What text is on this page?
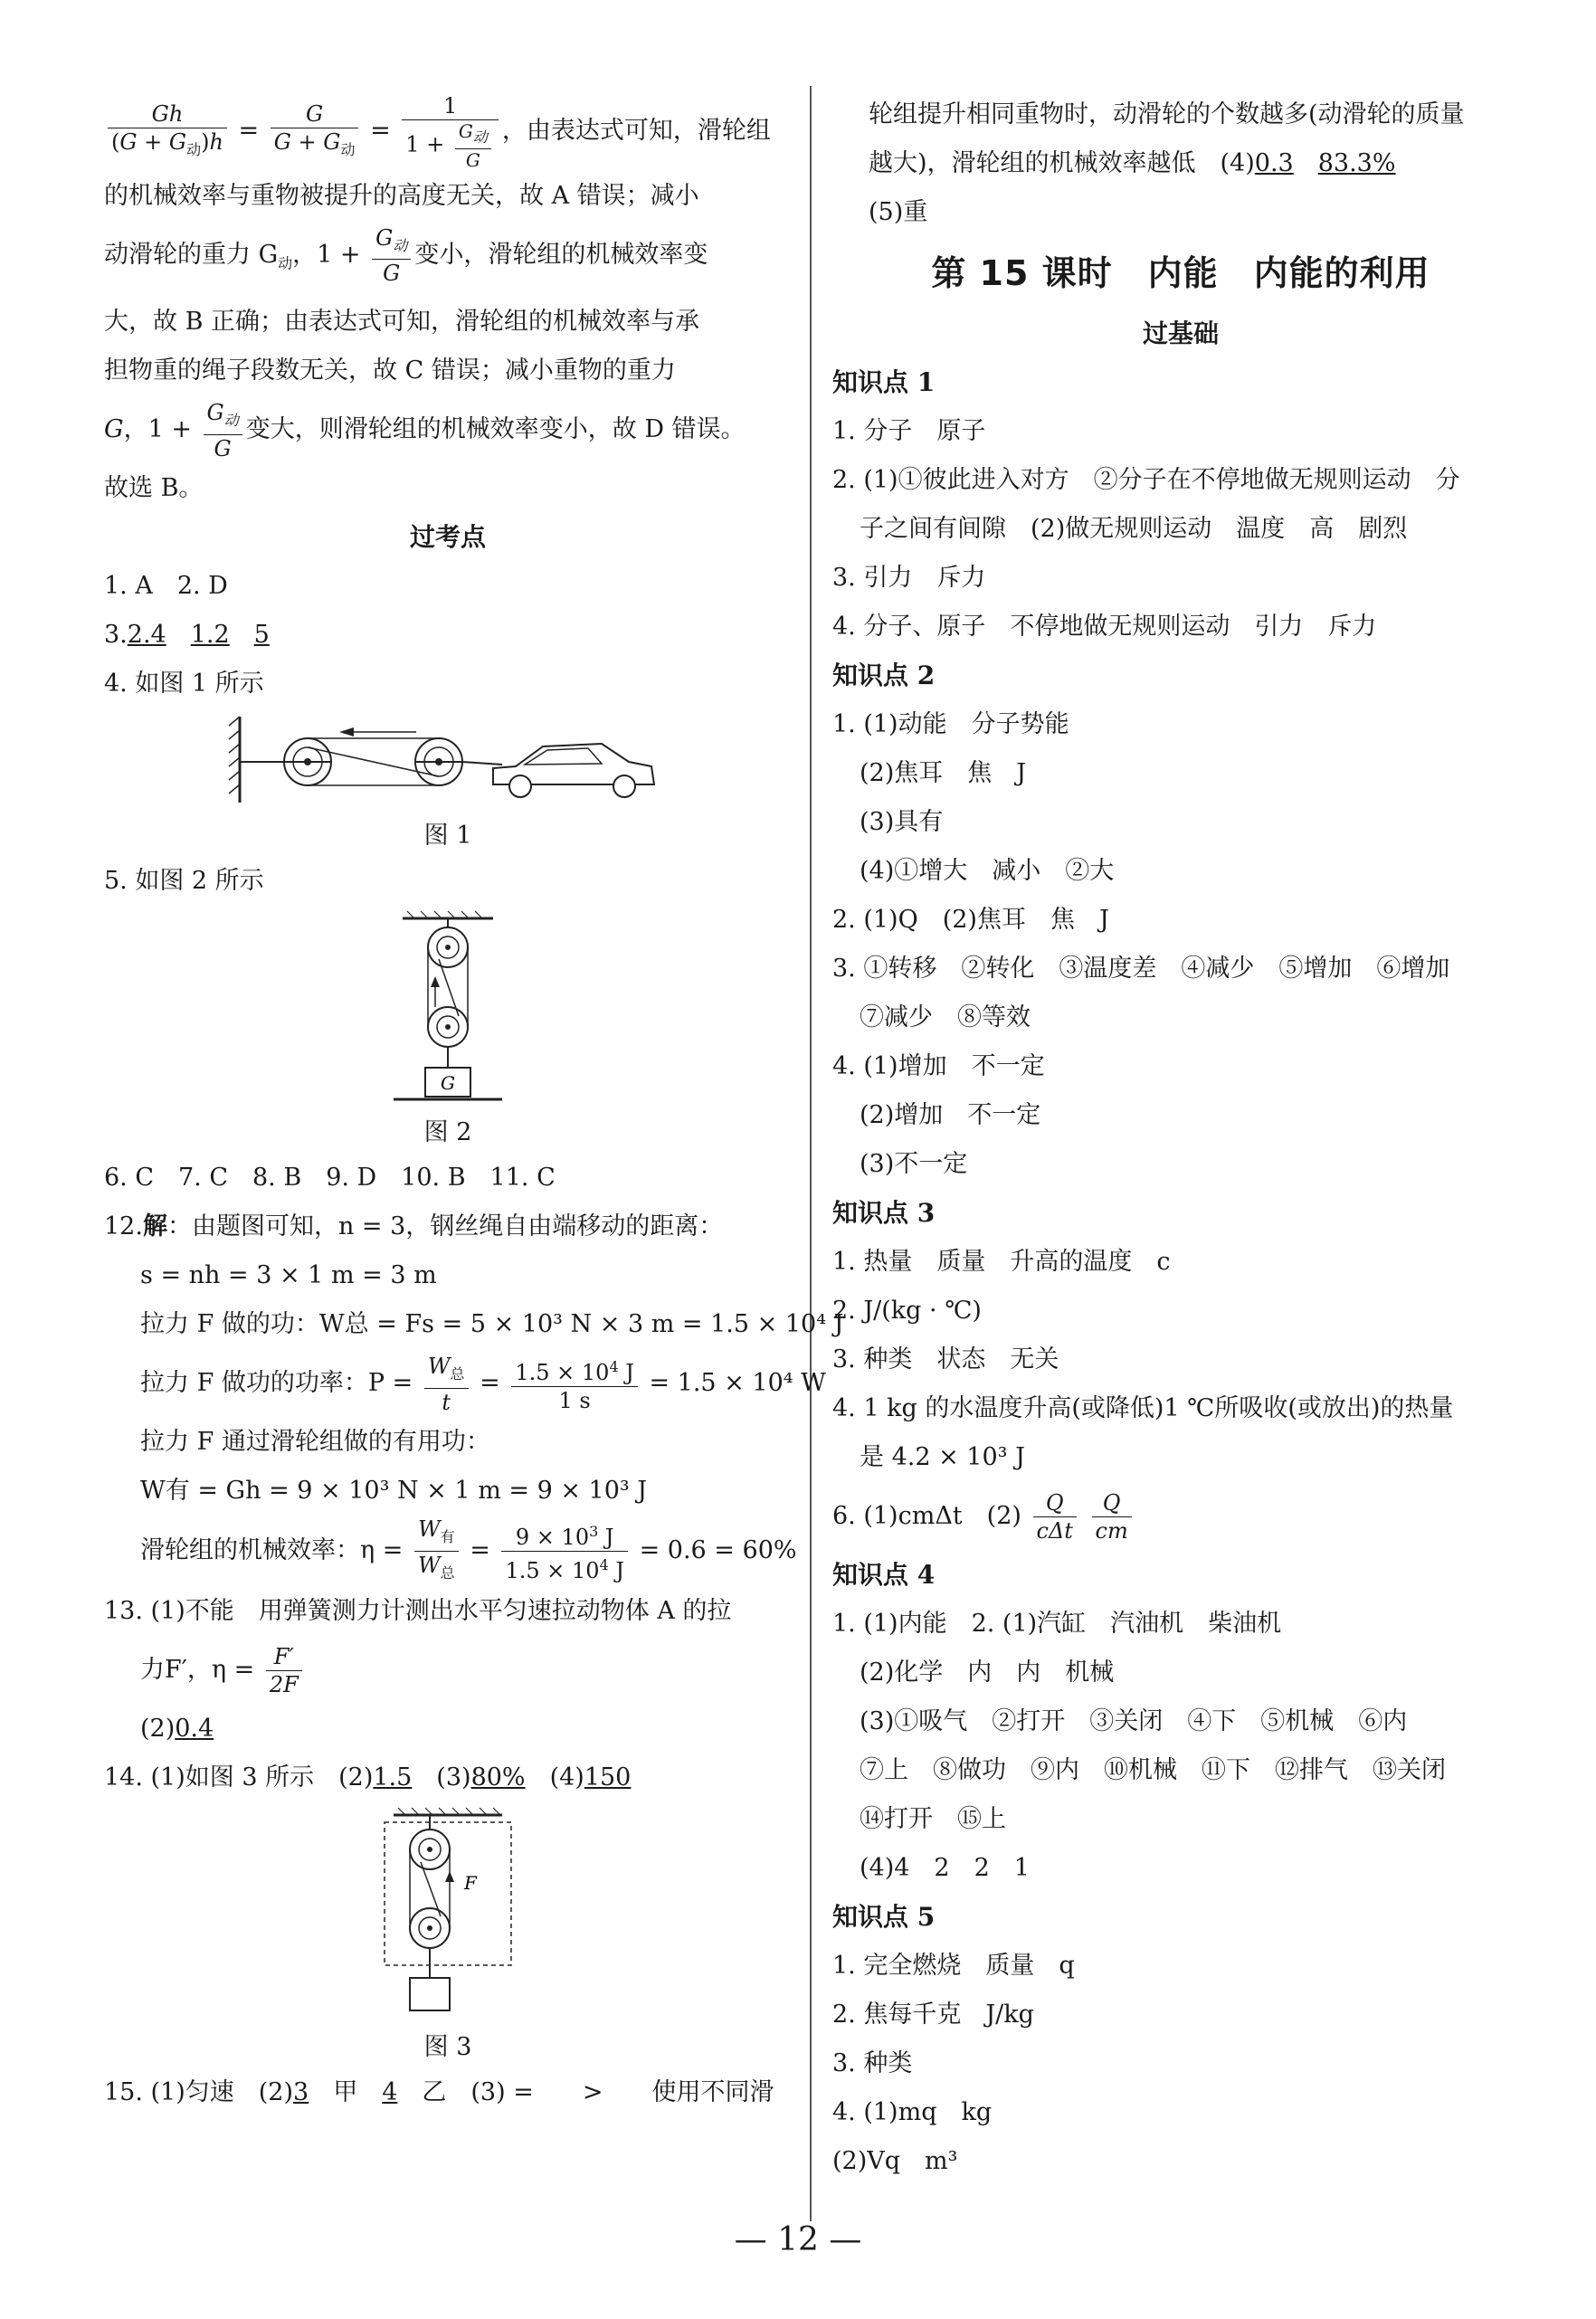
Gh
$(G + G_动)h$ =
G
$G + G_动$
=
1
1 +
$G_动$
G
，由表达式可知，滑轮组
的机械效率与重物被提升的高度无关，故 A 错误；减小
动滑轮的重力 $G_动$，1 +
$G_动$
G
变小，滑轮组的机械效率变
大，故 B 正确；由表达式可知，滑轮组的机械效率与承
担物重的绳子段数无关，故 C 错误；减小重物的重力
G，1 +
$G_动$
G
变大，则滑轮组的机械效率变小，故 D 错误。
故选 B。
过考点
1. A　2. D
3.2.4　 1.2　 5
4. 如图 1 所示
图 1
5. 如图 2 所示
G
图 2
6. C　7. C　8. B　9. D　10. B　11. C
12.解：由题图可知，n = 3，钢丝绳自由端移动的距离：
s = nh = 3 × 1 m = 3 m
拉力 F 做的功：W总 = Fs = 5 × 10³ N × 3 m = 1.5 × 10⁴ J
拉力 F 做功的功率：P =
$W_总$
t
= $\frac{1.5 \times 10^4 J}{1 s} = 1.5 \times 10^4$ W
拉力 F 通过滑轮组做的有用功：
W有 = Gh = 9 × 10³ N × 1 m = 9 × 10³ J
滑轮组的机械效率：η =
$W_有$
$W_总$
= $\frac{9 \times 10^3 J}{1.5 \times 10^4 J} = 0.6 = 60\%$
13. (1)不能　用弹簧测力计测出水平匀速拉动物体 A 的拉
力F′，$\eta = \frac{F'}{2F}$
(2)0.4
14. (1)如图 3 所示　(2)1.5　(3)80%　(4)150
F
图 3
15. (1)匀速　(2)3　甲　4　乙　(3) =　　>　　使用不同滑
轮组提升相同重物时，动滑轮的个数越多(动滑轮的质量
越大)，滑轮组的机械效率越低　(4)0.3　 83.3%
(5)重
第 15 课时　内能　内能的利用
过基础
知识点 1
1. 分子　原子
2. (1)①彼此进入对方　②分子在不停地做无规则运动　分
子之间有间隙　(2)做无规则运动　温度　高　剧烈
3. 引力　斥力
4. 分子、原子　不停地做无规则运动　引力　斥力
知识点 2
1. (1)动能　分子势能
(2)焦耳　焦　J
(3)具有
(4)①增大　减小　②大
2. (1)Q　(2)焦耳　焦　J
3. ①转移　②转化　③温度差　④减少　⑤增加　⑥增加
⑦减少　⑧等效
4. (1)增加　不一定
(2)增加　不一定
(3)不一定
知识点 3
1. 热量　质量　升高的温度　c
2. J/(kg · ℃)
3. 种类　状态　无关
4. 1 kg 的水温度升高(或降低)1 ℃所吸收(或放出)的热量
是 4.2 × 10³ J
6. (1)cmΔt　(2)	Q
cΔt
$\frac{Q}{cm}$
知识点 4
1. (1)内能　2. (1)汽缸　汽油机　柴油机
(2)化学　内　内　机械
(3)①吸气　②打开　③关闭　④下　⑤机械　⑥内
⑦上　⑧做功　⑨内　⑩机械　⑪下　⑫排气　⑬关闭
⑭打开　⑮上
(4)4　2　2　1
知识点 5
1. 完全燃烧　质量　q
2. 焦每千克　J/kg
3. 种类
4. (1)mq　kg
(2)Vq　m³
— 12 —
